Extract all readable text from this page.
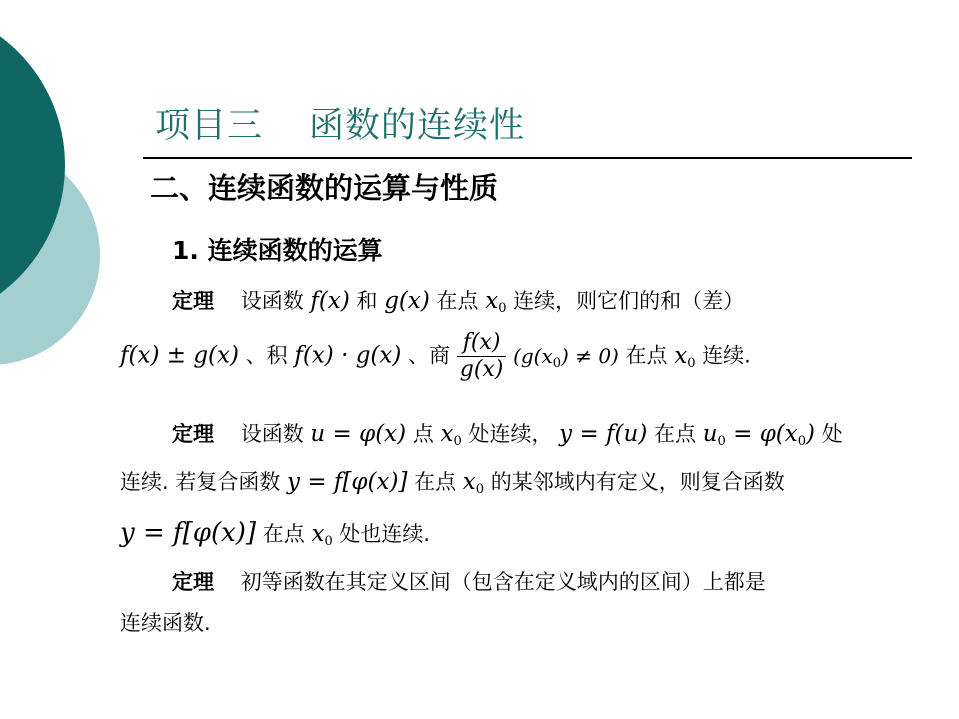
项目三 函数的连续性
二、连续函数的运算与性质
1. 连续函数的运算
定理 设函数 f(x) 和 g(x) 在点 $x_0$ 连续，则它们的和（差）
f(x) ± g(x) 、积 f(x) · g(x) 、商 $\frac{f(x)}{g(x)} (g(x_0) \ne 0)$ 在点 $x_0$ 连续.
定理 设函数 u = φ(x) 点 $x_0$ 处连续， y = f(u) 在点 $u_0 = \varphi(x_0)$ 处
连续. 若复合函数 y = f[φ(x)] 在点 $x_0$ 的某邻域内有定义，则复合函数
y = f[φ(x)] 在点 $x_0$ 处也连续.
定理 初等函数在其定义区间（包含在定义域内的区间）上都是
连续函数.
